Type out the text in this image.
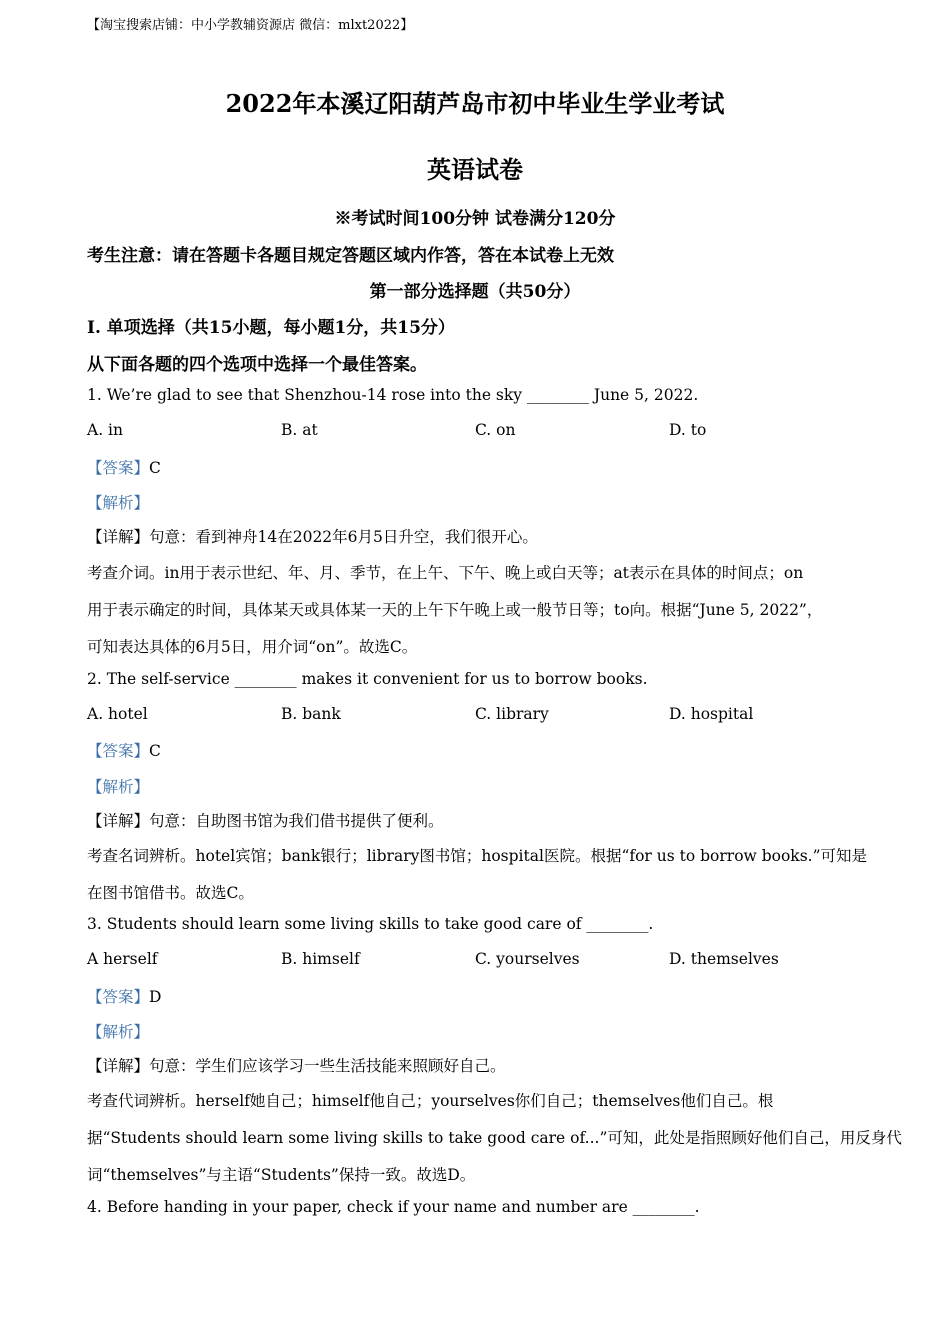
【淘宝搜索店铺：中小学教辅资源店 微信：mlxt2022】
2022年本溪辽阳葫芦岛市初中毕业生学业考试
英语试卷
※考试时间100分钟 试卷满分120分
考生注意：请在答题卡各题目规定答题区域内作答，答在本试卷上无效
第一部分选择题（共50分）
I. 单项选择（共15小题，每小题1分，共15分）
从下面各题的四个选项中选择一个最佳答案。
1. We’re glad to see that Shenzhou-14 rose into the sky ________ June 5, 2022.
A. in	B. at	C. on	D. to
【答案】C
【解析】
【详解】句意：看到神舟14在2022年6月5日升空，我们很开心。
考查介词。in用于表示世纪、年、月、季节，在上午、下午、晚上或白天等；at表示在具体的时间点；on
用于表示确定的时间，具体某天或具体某一天的上午下午晚上或一般节日等；to向。根据“June 5, 2022”，
可知表达具体的6月5日，用介词“on”。故选C。
2. The self-service ________ makes it convenient for us to borrow books.
A. hotel	B. bank	C. library	D. hospital
【答案】C
【解析】
【详解】句意：自助图书馆为我们借书提供了便利。
考查名词辨析。hotel宾馆；bank银行；library图书馆；hospital医院。根据“for us to borrow books.”可知是
在图书馆借书。故选C。
3. Students should learn some living skills to take good care of ________.
A herself	B. himself	C. yourselves	D. themselves
【答案】D
【解析】
【详解】句意：学生们应该学习一些生活技能来照顾好自己。
考查代词辨析。herself她自己；himself他自己；yourselves你们自己；themselves他们自己。根
据“Students should learn some living skills to take good care of...”可知，此处是指照顾好他们自己，用反身代
词“themselves”与主语“Students”保持一致。故选D。
4. Before handing in your paper, check if your name and number are ________.
